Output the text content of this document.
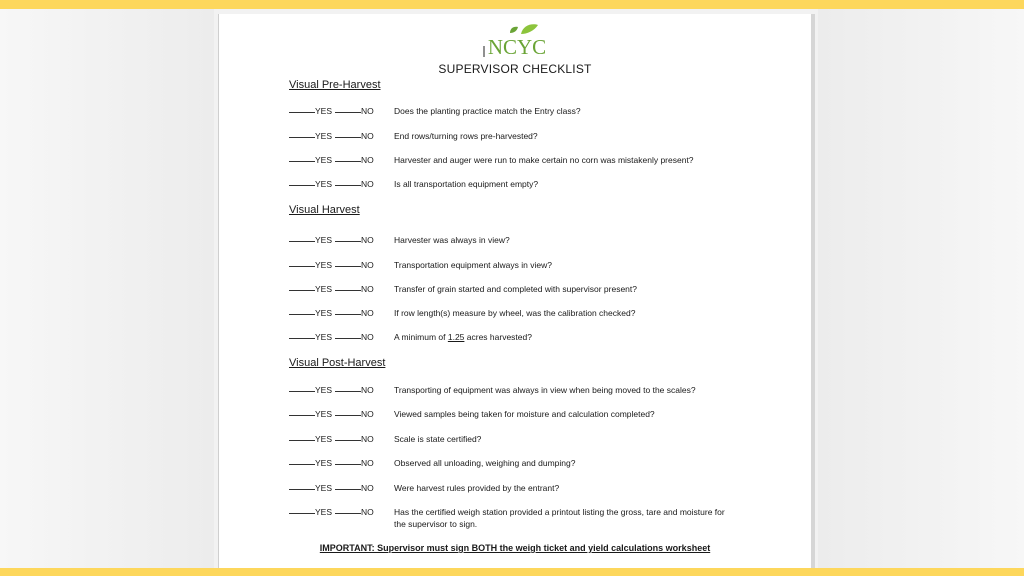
NCYC
SUPERVISOR CHECKLIST
Visual Pre-Harvest
YES	NO Does the planting practice match the Entry class?
YES	NO End rows/turning rows pre-harvested?
YES	NO Harvester and auger were run to make certain no corn was mistakenly present?
YES	NO Is all transportation equipment empty?
Visual Harvest
YES	NO Harvester was always in view?
YES	NO Transportation equipment always in view?
YES	NO Transfer of grain started and completed with supervisor present?
YES	NO If row length(s) measure by wheel, was the calibration checked?
YES	NO A minimum of 1.25 acres harvested?
Visual Post-Harvest
YES	NO Transporting of equipment was always in view when being moved to the scales?
YES	NO Viewed samples being taken for moisture and calculation completed?
YES	NO Scale is state certified?
YES	NO Observed all unloading, weighing and dumping?
YES	NO Were harvest rules provided by the entrant?
YES	NO Has the certified weigh station provided a printout listing the gross, tare and moisture for the supervisor to sign.
IMPORTANT: Supervisor must sign BOTH the weigh ticket and yield calculations worksheet
